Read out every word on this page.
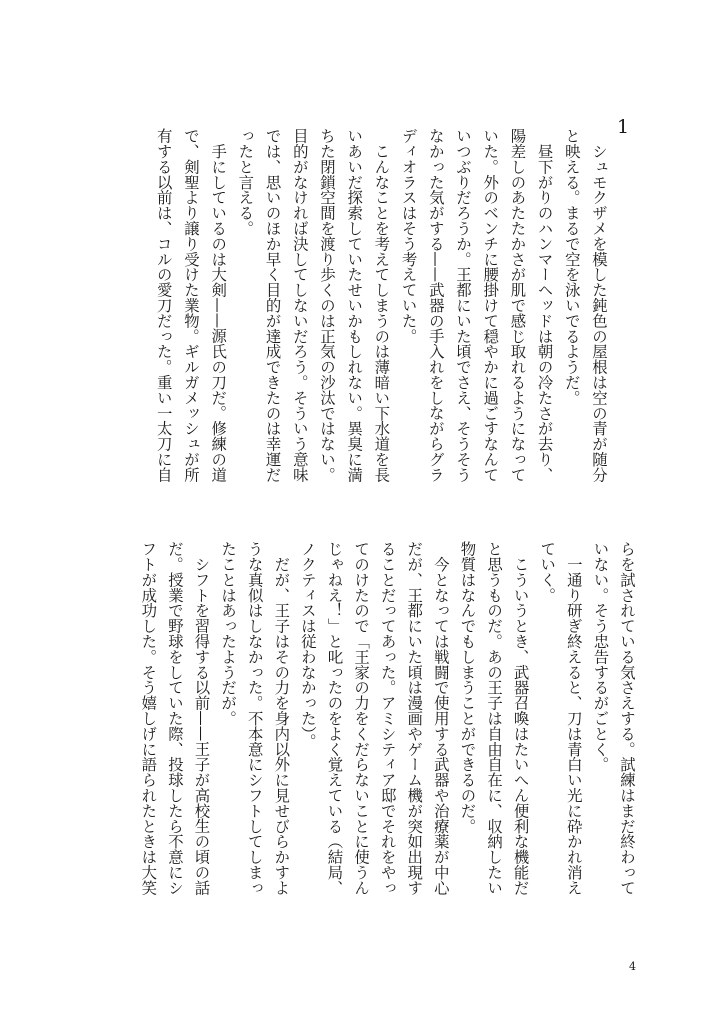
1
　シュモクザメを模した鈍色の屋根は空の青が随分
と映える。まるで空を泳いでるようだ。
　昼下がりのハンマーヘッドは朝の冷たさが去り、
陽差しのあたたかさが肌で感じ取れるようになって
いた。外のベンチに腰掛けて穏やかに過ごすなんて
いつぶりだろうか。王都にいた頃でさえ、そうそう
なかった気がする——武器の手入れをしながらグラ
ディオラスはそう考えていた。
　こんなことを考えてしまうのは薄暗い下水道を長
いあいだ探索していたせいかもしれない。異臭に満
ちた閉鎖空間を渡り歩くのは正気の沙汰ではない。
目的がなければ決してしないだろう。そういう意味
では、思いのほか早く目的が達成できたのは幸運だ
ったと言える。
　手にしているのは大剣——源氏の刀だ。修練の道
で、剣聖より譲り受けた業物。ギルガメッシュが所
有する以前は、コルの愛刀だった。重い一太刀に自
らを試されている気さえする。試練はまだ終わって
いない。そう忠告するがごとく。
　一通り研ぎ終えると、刀は青白い光に砕かれ消え
ていく。
　こういうとき、武器召喚はたいへん便利な機能だ
と思うものだ。あの王子は自由自在に、収納したい
物質はなんでもしまうことができるのだ。
　今となっては戦闘で使用する武器や治療薬が中心
だが、王都にいた頃は漫画やゲーム機が突如出現す
ることだってあった。アミシティア邸でそれをやっ
てのけたので「王家の力をくだらないことに使うん
じゃねえ！」と叱ったのをよく覚えている（結局、
ノクティスは従わなかった）。
　だが、王子はその力を身内以外に見せびらかすよ
うな真似はしなかった。不本意にシフトしてしまっ
たことはあったようだが。
　シフトを習得する以前——王子が高校生の頃の話
だ。授業で野球をしていた際、投球したら不意にシ
フトが成功した。そう嬉しげに語られたときは大笑
4
